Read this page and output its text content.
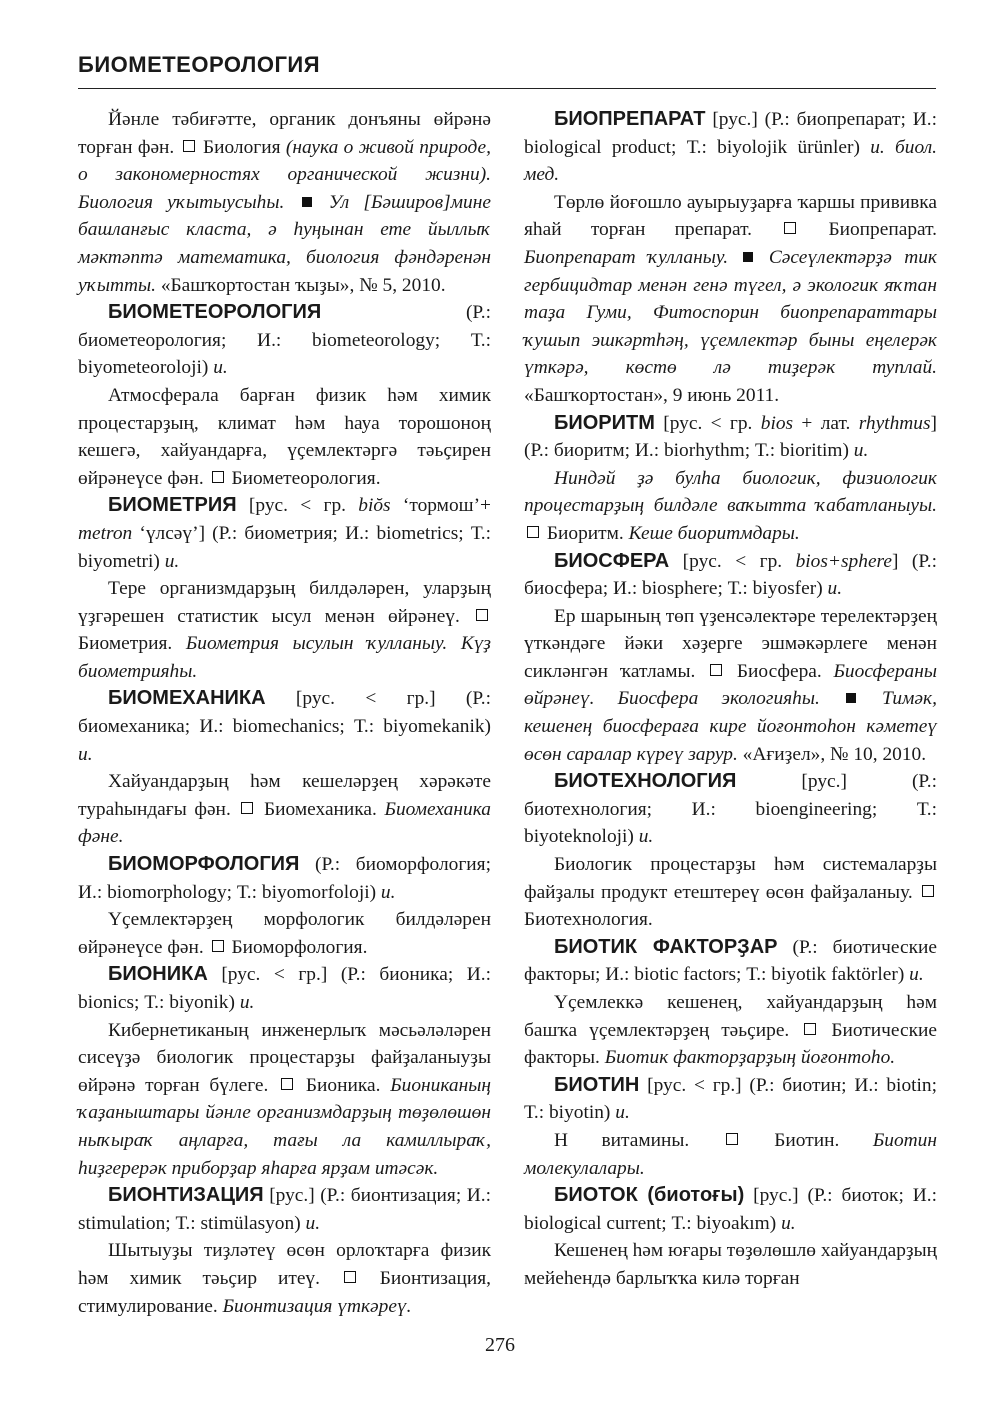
БИОМЕТЕОРОЛОГИЯ

Йәнле тәбиғәтте, органик донъяны өйрәнә торған фән. Биология (наука о живой природе, о закономерностях органической жизни). Биология уҡытыусыһы. Ул [Бәширов]мине башланғыс класта, ә һуңынан ете йыллыҡ мәктәптә математика, биология фәндәренән уҡытты. «Башҡортостан ҡыҙы», № 5, 2010.

БИОМЕТЕОРОЛОГИЯ	(Р.: биометеорология; И.: biometeorology; Т.: biyometeoroloji) и.

Атмосферала барған физик һәм химик процестарҙың, климат һәм һауа торошоноң кешегә, хайуандарға, үҫемлектәргә тәьҫирен өйрәнеүсе фән. Биометеорология.

БИОМЕТРИЯ [рус. < гр. biŏs ‘тормош’+ metron ‘үлсәү’] (Р.: биометрия; И.: biometrics; Т.: biyometri) и.

Тере организмдарҙың билдәләрен, уларҙың үҙгәрешен статистик ысул менән өйрәнеү.  Биометрия. Биометрия ысулын ҡулланыу. Күҙ биометрияһы.

БИОМЕХАНИКА [рус. < гр.] (Р.: биомеханика; И.: biomechanics; Т.: biyomekanik) и.

Хайуандарҙың һәм кешеләрҙең хәрәкәте тураһындағы фән. Биомеханика. Биомеханика фәне.

БИОМОРФОЛОГИЯ (Р.: биоморфология; И.: biomorphology; Т.: biyomorfoloji) и.

Үҫемлектәрҙең морфологик билдәләрен өйрәнеүсе фән. Биоморфология.

БИОНИКА [рус. < гр.] (Р.: бионика; И.: bionics; Т.: biyonik) и.

Кибернетиканың инженерлыҡ мәсьәләләрен сисеүҙә биологик процестарҙы файҙаланыуҙы өйрәнә торған бүлеге. Бионика. Биониканың ҡаҙаныштары йәнле организмдарҙың төҙөлөшөн ныҡыраҡ аңларға, тағы ла камиллыраҡ, һиҙгерерәк приборҙар яһарға ярҙам итәсәк.

БИОНТИЗАЦИЯ [рус.] (Р.: бионтизация; И.: stimulation; Т.: stimülasyon) и.

Шытыуҙы тиҙләтеү өсөн орлоҡтарға физик һәм химик тәьҫир итеү.	Бионтизация, стимулирование. Бионтизация үткәреү.

БИОПРЕПАРАТ [рус.] (Р.: биопрепарат; И.: biological product; Т.: biyolojik ürünler) и. биол. мед.

Төрлө йоғошло ауырыуҙарға ҡаршы прививка яһай торған препарат.	Биопрепарат. Биопрепарат ҡулланыу. Сәсеүлектәрҙә тик гербицидтар менән генә түгел, ә экологик яҡтан таҙа Гуми, Фитоспорин биопрепараттары ҡушып эшкәртһәң, үҫемлектәр быны еңелерәк үткәрә, көстө лә тиҙерәк туплай. «Башҡортостан», 9 июнь 2011.

БИОРИТМ [рус. < гр. bios + лат. rhythmus] (Р.: биоритм; И.: biorhythm; Т.: bioritim) и.

Ниндәй ҙә булһа биологик, физиологик процестарҙың билдәле ваҡытта ҡабатланыуы.  Биоритм. Кеше биоритмдары.

БИОСФЕРА [рус. < гр. bios+sphere] (Р.: биосфера; И.: biosphere; Т.: biyosfer) и.

Ер шарының төп үҙенсәлектәре терелектәрҙең үткәндәге йәки хәҙерге эшмәкәрлеге менән сикләнгән ҡатламы. Биосфера. Биосфераны өйрәнеү. Биосфера экологияһы.	Тимәк, кешенең биосфераға кире йоғонтоһон кәметеү өсөн саралар күреү зарур. «Ағиҙел», № 10, 2010.

БИОТЕХНОЛОГИЯ	[рус.] (Р.: биотехнология; И.: bioengineering; Т.: biyoteknoloji) и.

Биологик процестарҙы һәм системаларҙы файҙалы продукт етештереү өсөн файҙаланыу.  Биотехнология.

БИОТИК ФАКТОРҘАР (Р.: биотические факторы; И.: biotic factors; Т.: biyotik faktörler) и.

Үҫемлеккә кешенең, хайуандарҙың һәм башҡа үҫемлектәрҙең тәьҫире. Биотические факторы. Биотик факторҙарҙың йоғонтоһо.

БИОТИН [рус. < гр.] (Р.: биотин; И.: biotin; Т.: biyotin) и.

Н витамины.	Биотин. Биотин молекулалары.

БИОТОК (биотоғы) [рус.] (Р.: биоток; И.: biological current; Т.: biyoakım) и.

Кешенең һәм юғары төҙөлөшлө хайуандарҙың мейеһендә барлыҡҡа килә торған

276
